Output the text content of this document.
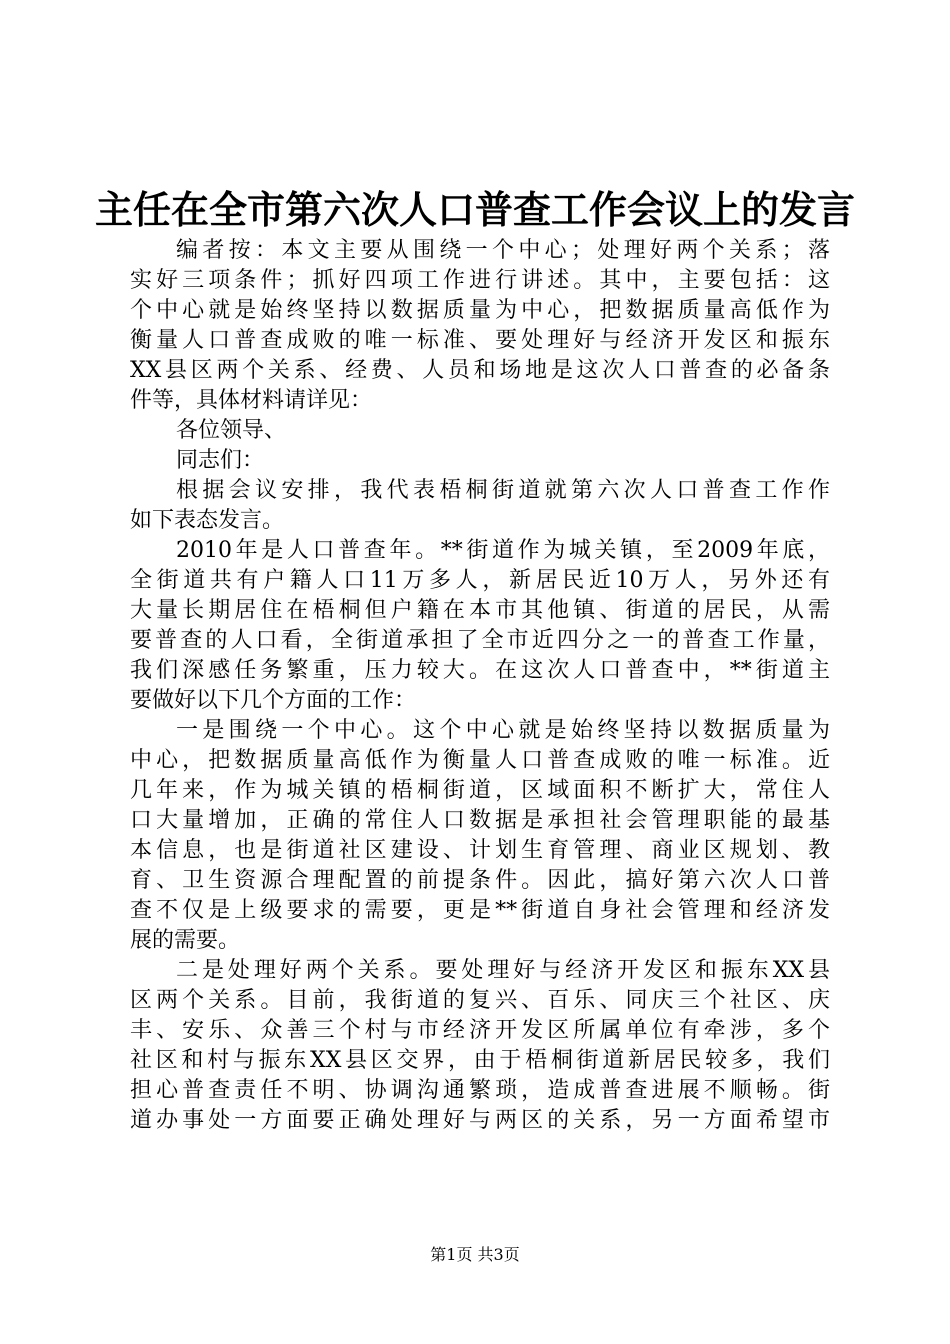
主任在全市第六次人口普查工作会议上的发言
编者按：本文主要从围绕一个中心；处理好两个关系；落
实好三项条件；抓好四项工作进行讲述。其中，主要包括：这
个中心就是始终坚持以数据质量为中心，把数据质量高低作为
衡量人口普查成败的唯一标准、要处理好与经济开发区和振东
XX县区两个关系、经费、人员和场地是这次人口普查的必备条
件等，具体材料请详见：
各位领导、
同志们：
根据会议安排，我代表梧桐街道就第六次人口普查工作作
如下表态发言。
2010年是人口普查年。**街道作为城关镇，至2009年底，
全街道共有户籍人口11万多人，新居民近10万人，另外还有
大量长期居住在梧桐但户籍在本市其他镇、街道的居民，从需
要普查的人口看，全街道承担了全市近四分之一的普查工作量，
我们深感任务繁重，压力较大。在这次人口普查中，**街道主
要做好以下几个方面的工作：
一是围绕一个中心。这个中心就是始终坚持以数据质量为
中心，把数据质量高低作为衡量人口普查成败的唯一标准。近
几年来，作为城关镇的梧桐街道，区域面积不断扩大，常住人
口大量增加，正确的常住人口数据是承担社会管理职能的最基
本信息，也是街道社区建设、计划生育管理、商业区规划、教
育、卫生资源合理配置的前提条件。因此，搞好第六次人口普
查不仅是上级要求的需要，更是**街道自身社会管理和经济发
展的需要。
二是处理好两个关系。要处理好与经济开发区和振东XX县
区两个关系。目前，我街道的复兴、百乐、同庆三个社区、庆
丰、安乐、众善三个村与市经济开发区所属单位有牵涉，多个
社区和村与振东XX县区交界，由于梧桐街道新居民较多，我们
担心普查责任不明、协调沟通繁琐，造成普查进展不顺畅。街
道办事处一方面要正确处理好与两区的关系，另一方面希望市
第1页 共3页
